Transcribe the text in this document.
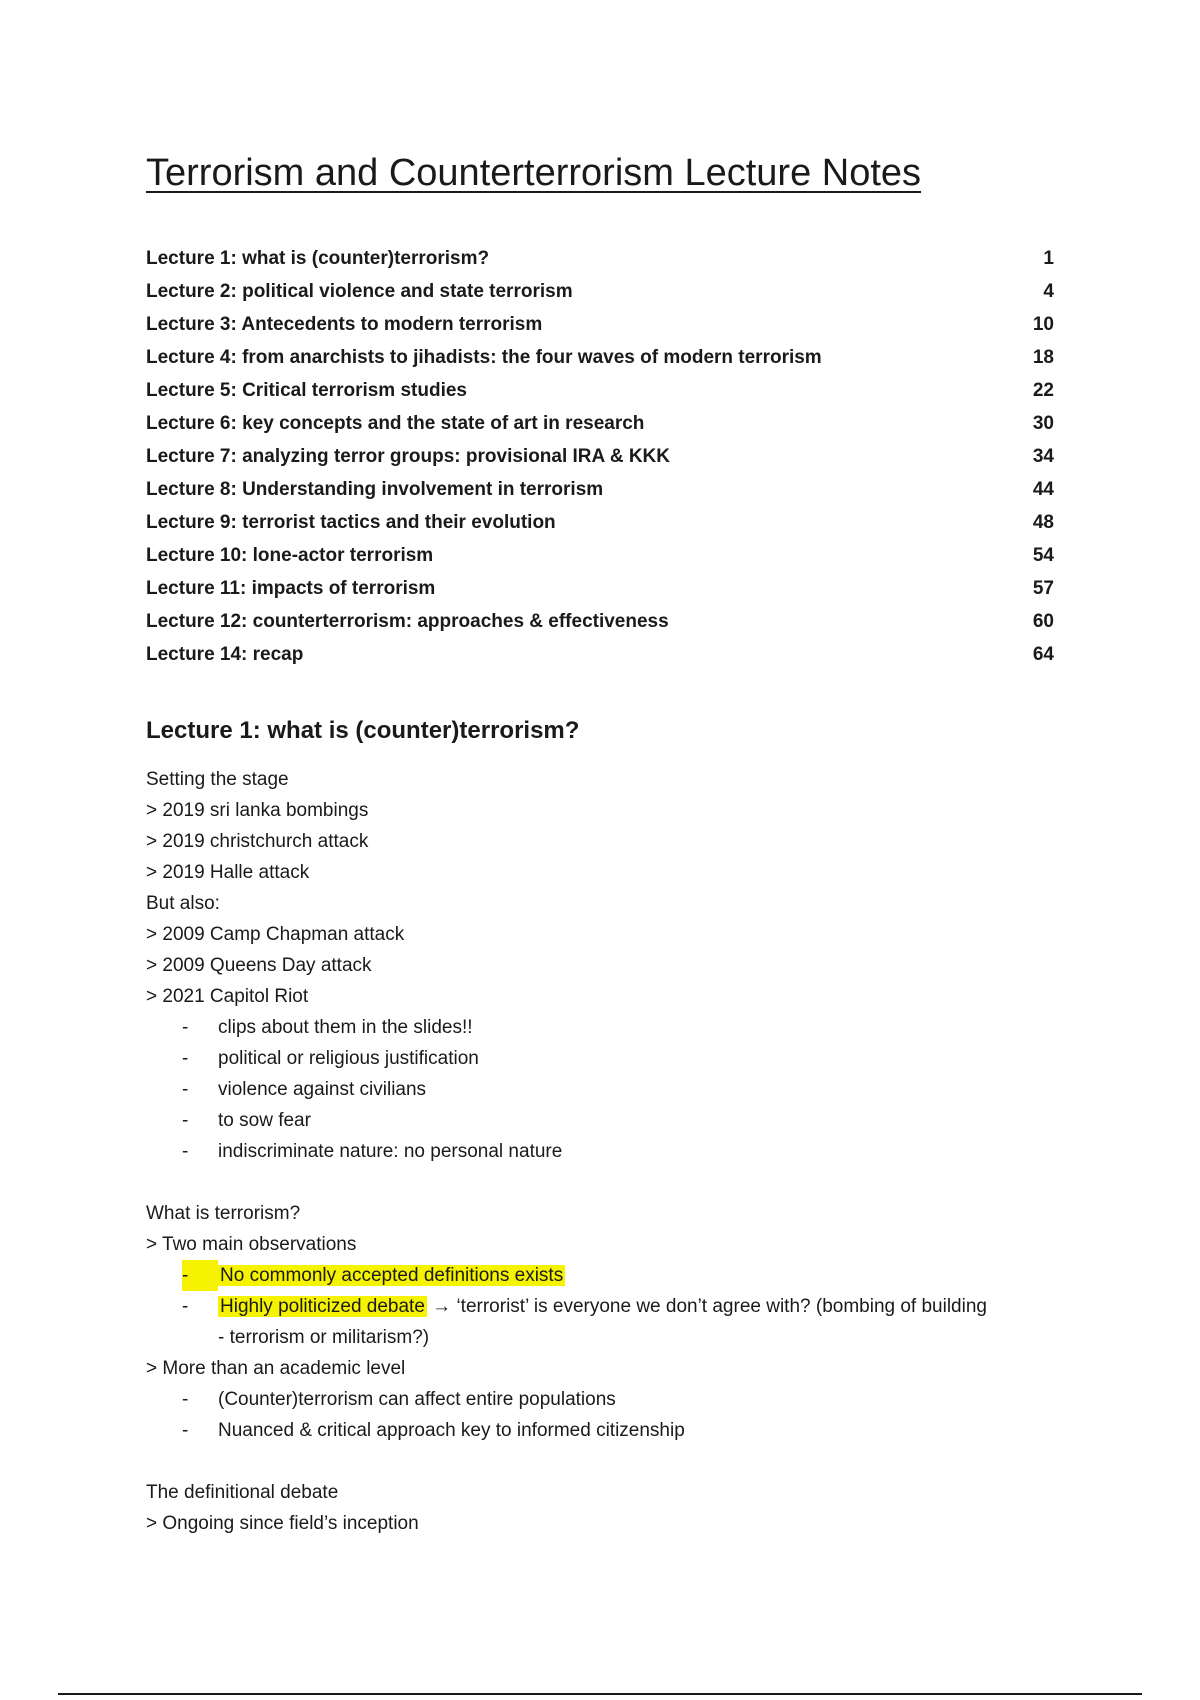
Terrorism and Counterterrorism Lecture Notes
Lecture 1: what is (counter)terrorism?	1
Lecture 2: political violence and state terrorism	4
Lecture 3: Antecedents to modern terrorism	10
Lecture 4: from anarchists to jihadists: the four waves of modern terrorism	18
Lecture 5: Critical terrorism studies	22
Lecture 6: key concepts and the state of art in research	30
Lecture 7: analyzing terror groups: provisional IRA & KKK	34
Lecture 8: Understanding involvement in terrorism	44
Lecture 9: terrorist tactics and their evolution	48
Lecture 10: lone-actor terrorism	54
Lecture 11: impacts of terrorism	57
Lecture 12: counterterrorism: approaches & effectiveness	60
Lecture 14: recap	64
Lecture 1: what is (counter)terrorism?
Setting the stage
> 2019 sri lanka bombings
> 2019 christchurch attack
> 2019 Halle attack
But also:
> 2009 Camp Chapman attack
> 2009 Queens Day attack
> 2021 Capitol Riot
- clips about them in the slides!!
- political or religious justification
- violence against civilians
- to sow fear
- indiscriminate nature: no personal nature
What is terrorism?
> Two main observations
-	No commonly accepted definitions exists
- Highly politicized debate → ‘terrorist’ is everyone we don’t agree with? (bombing of building
- terrorism or militarism?)
> More than an academic level
- (Counter)terrorism can affect entire populations
- Nuanced & critical approach key to informed citizenship
The definitional debate
> Ongoing since field’s inception
